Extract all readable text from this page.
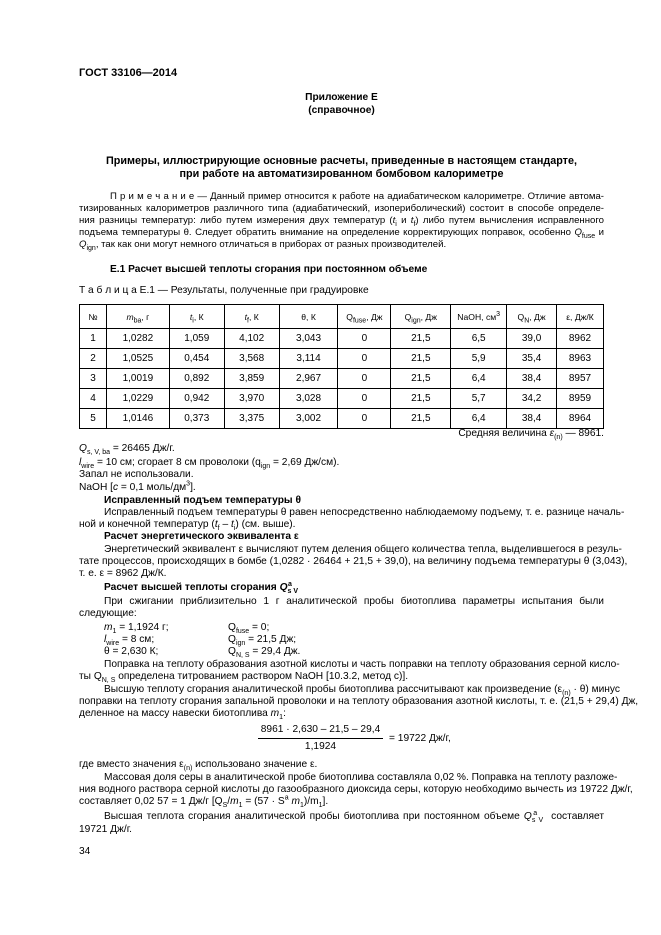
ГОСТ 33106—2014
Приложение Е
(справочное)
Примеры, иллюстрирующие основные расчеты, приведенные в настоящем стандарте,
при работе на автоматизированном бомбовом калориметре
П р и м е ч а н и е — Данный пример относится к работе на адиабатическом калориметре. Отличие автома-
тизированных калориметров различного типа (адиабатический, изопериболический) состоит в способе определе-
ния разницы температур: либо путем измерения двух температур ($t_i$ и $t_f$) либо путем вычисления исправленного
подъема температуры θ. Следует обратить внимание на определение корректирующих поправок, особенно $Q_{fuse}$ и
$Q_{ign}$, так как они могут немного отличаться в приборах от разных производителей.
Е.1 Расчет высшей теплоты сгорания при постоянном объеме
Т а б л и ц а Е.1 — Результаты, полученные при градуировке
№	$m_{ba}$, г	$t_i$, К	$t_f$, К	θ, К	$Q_{fuse}$, Дж	$Q_{ign}$, Дж	NaOH, $см^3$	$Q_N$, Дж	ε, Дж/К
1	1,0282	1,059	4,102	3,043	0	21,5	6,5	39,0	8962
2	1,0525	0,454	3,568	3,114	0	21,5	5,9	35,4	8963
3	1,0019	0,892	3,859	2,967	0	21,5	6,4	38,4	8957
4	1,0229	0,942	3,970	3,028	0	21,5	5,7	34,2	8959
5	1,0146	0,373	3,375	3,002	0	21,5	6,4	38,4	8964
Средняя величина $\varepsilon_{(n)}$ — 8961.
$Q_{s, V, ba} = 26465$ Дж/г.
$l_{wire} = 10$ см; сгорает 8 см проволоки ($q_{ign} = 2,69$ Дж/см).
Запал не использовали.
NaOH [c = 0,1 моль/$дм^3$].
Исправленный подъем температуры θ
Исправленный подъем температуры θ равен непосредственно наблюдаемому подъему, т. е. разнице началь-
ной и конечной температур $(t_f - t_i)$ (см. выше).
Расчет энергетического эквивалента ε
Энергетический эквивалент ε вычисляют путем деления общего количества тепла, выделившегося в резуль-
тате процессов, происходящих в бомбе (1,0282 · 26464 + 21,5 + 39,0), на величину подъема температуры θ (3,043),
т. е. ε = 8962 Дж/К.
Расчет высшей теплоты сгорания $Q_{s V}^a$
При сжигании приблизительно 1 г аналитической пробы биотоплива параметры испытания были
следующие:
$m_1 = 1,1924$ г;	$Q_{fuse} = 0$;
$l_{wire} = 8$ см;	$Q_{ign} = 21,5$ Дж;
θ = 2,630 К;	$Q_{N, S} = 29,4$ Дж.
Поправка на теплоту образования азотной кислоты и часть поправки на теплоту образования серной кисло-
ты $Q_{N, S}$ определена титрованием раствором NaOH [10.3.2, метод с)].
Высшую теплоту сгорания аналитической пробы биотоплива рассчитывают как произведение $(\varepsilon_{(n)} \cdot \theta)$ минус
поправки на теплоту сгорания запальной проволоки и на теплоту образования азотной кислоты, т. е. (21,5 + 29,4) Дж,
деленное на массу навески биотоплива $m_1$:
8961 · 2,630 – 21,5 – 29,4
1,1924
= 19722 Дж/г,
где вместо значения $\varepsilon_{(n)}$ использовано значение ε.
Массовая доля серы в аналитической пробе биотоплива составляла 0,02 %. Поправка на теплоту разложе-
ния водного раствора серной кислоты до газообразного диоксида серы, которую необходимо вычесть из 19722 Дж/г,
составляет 0,02 57 = 1 Дж/г [$Q_S/m_1 = (57 \cdot S^a$ $m_1)/m_1$].
Высшая теплота сгорания аналитической пробы биотоплива при постоянном объеме $Q_{s V}^a$ составляет
19721 Дж/г.
34
